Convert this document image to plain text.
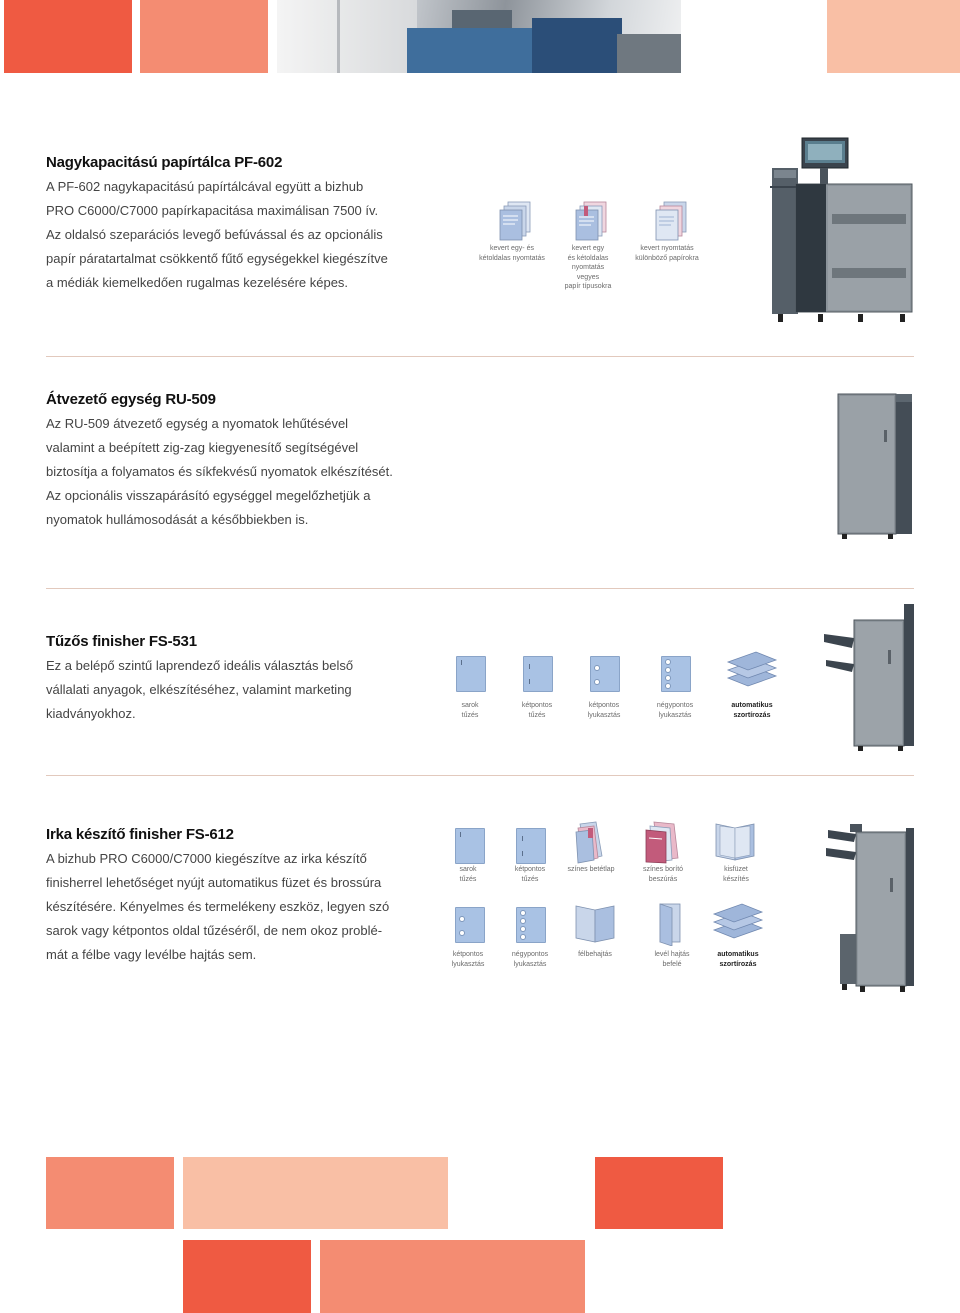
Nagykapacitású papírtálca PF-602
A PF-602 nagykapacitású papírtálcával együtt a bizhub
PRO C6000/C7000 papírkapacitása maximálisan 7500 ív.
Az oldalsó szeparációs levegő befúvással és az opcionális
papír páratartalmat csökkentő fűtő egységekkel kiegészítve
a médiák kiemelkedően rugalmas kezelésére képes.
kevert egy- és
kétoldalas nyomtatás
kevert egy
és kétoldalas
nyomtatás
vegyes
papír típusokra
kevert nyomtatás
különböző papírokra
Átvezető egység RU-509
Az RU-509 átvezető egység a nyomatok lehűtésével
valamint a beépített zig-zag kiegyenesítő segítségével
biztosítja a folyamatos és síkfekvésű nyomatok elkészítését.
Az opcionális visszapárásító egységgel megelőzhetjük a
nyomatok hullámosodását a későbbiekben is.
Tűzős finisher FS-531
Ez a belépő szintű laprendező ideális választás belső
vállalati anyagok, elkészítéséhez, valamint marketing
kiadványokhoz.
sarok
tűzés
kétpontos
tűzés
kétpontos
lyukasztás
négypontos
lyukasztás
automatikus
szortírozás
Irka készítő finisher FS-612
A bizhub PRO C6000/C7000 kiegészítve az irka készítő
finisherrel lehetőséget nyújt automatikus füzet és brossúra
készítésére. Kényelmes és termelékeny eszköz, legyen szó
sarok vagy kétpontos oldal tűzéséről, de nem okoz problé-
mát a félbe vagy levélbe hajtás sem.
sarok
tűzés
kétpontos
tűzés
színes betétlap	színes borító
beszúrás
kisfüzet
készítés
kétpontos
lyukasztás
négypontos
lyukasztás
félbehajtás	levél hajtás
befelé
automatikus
szortírozás
